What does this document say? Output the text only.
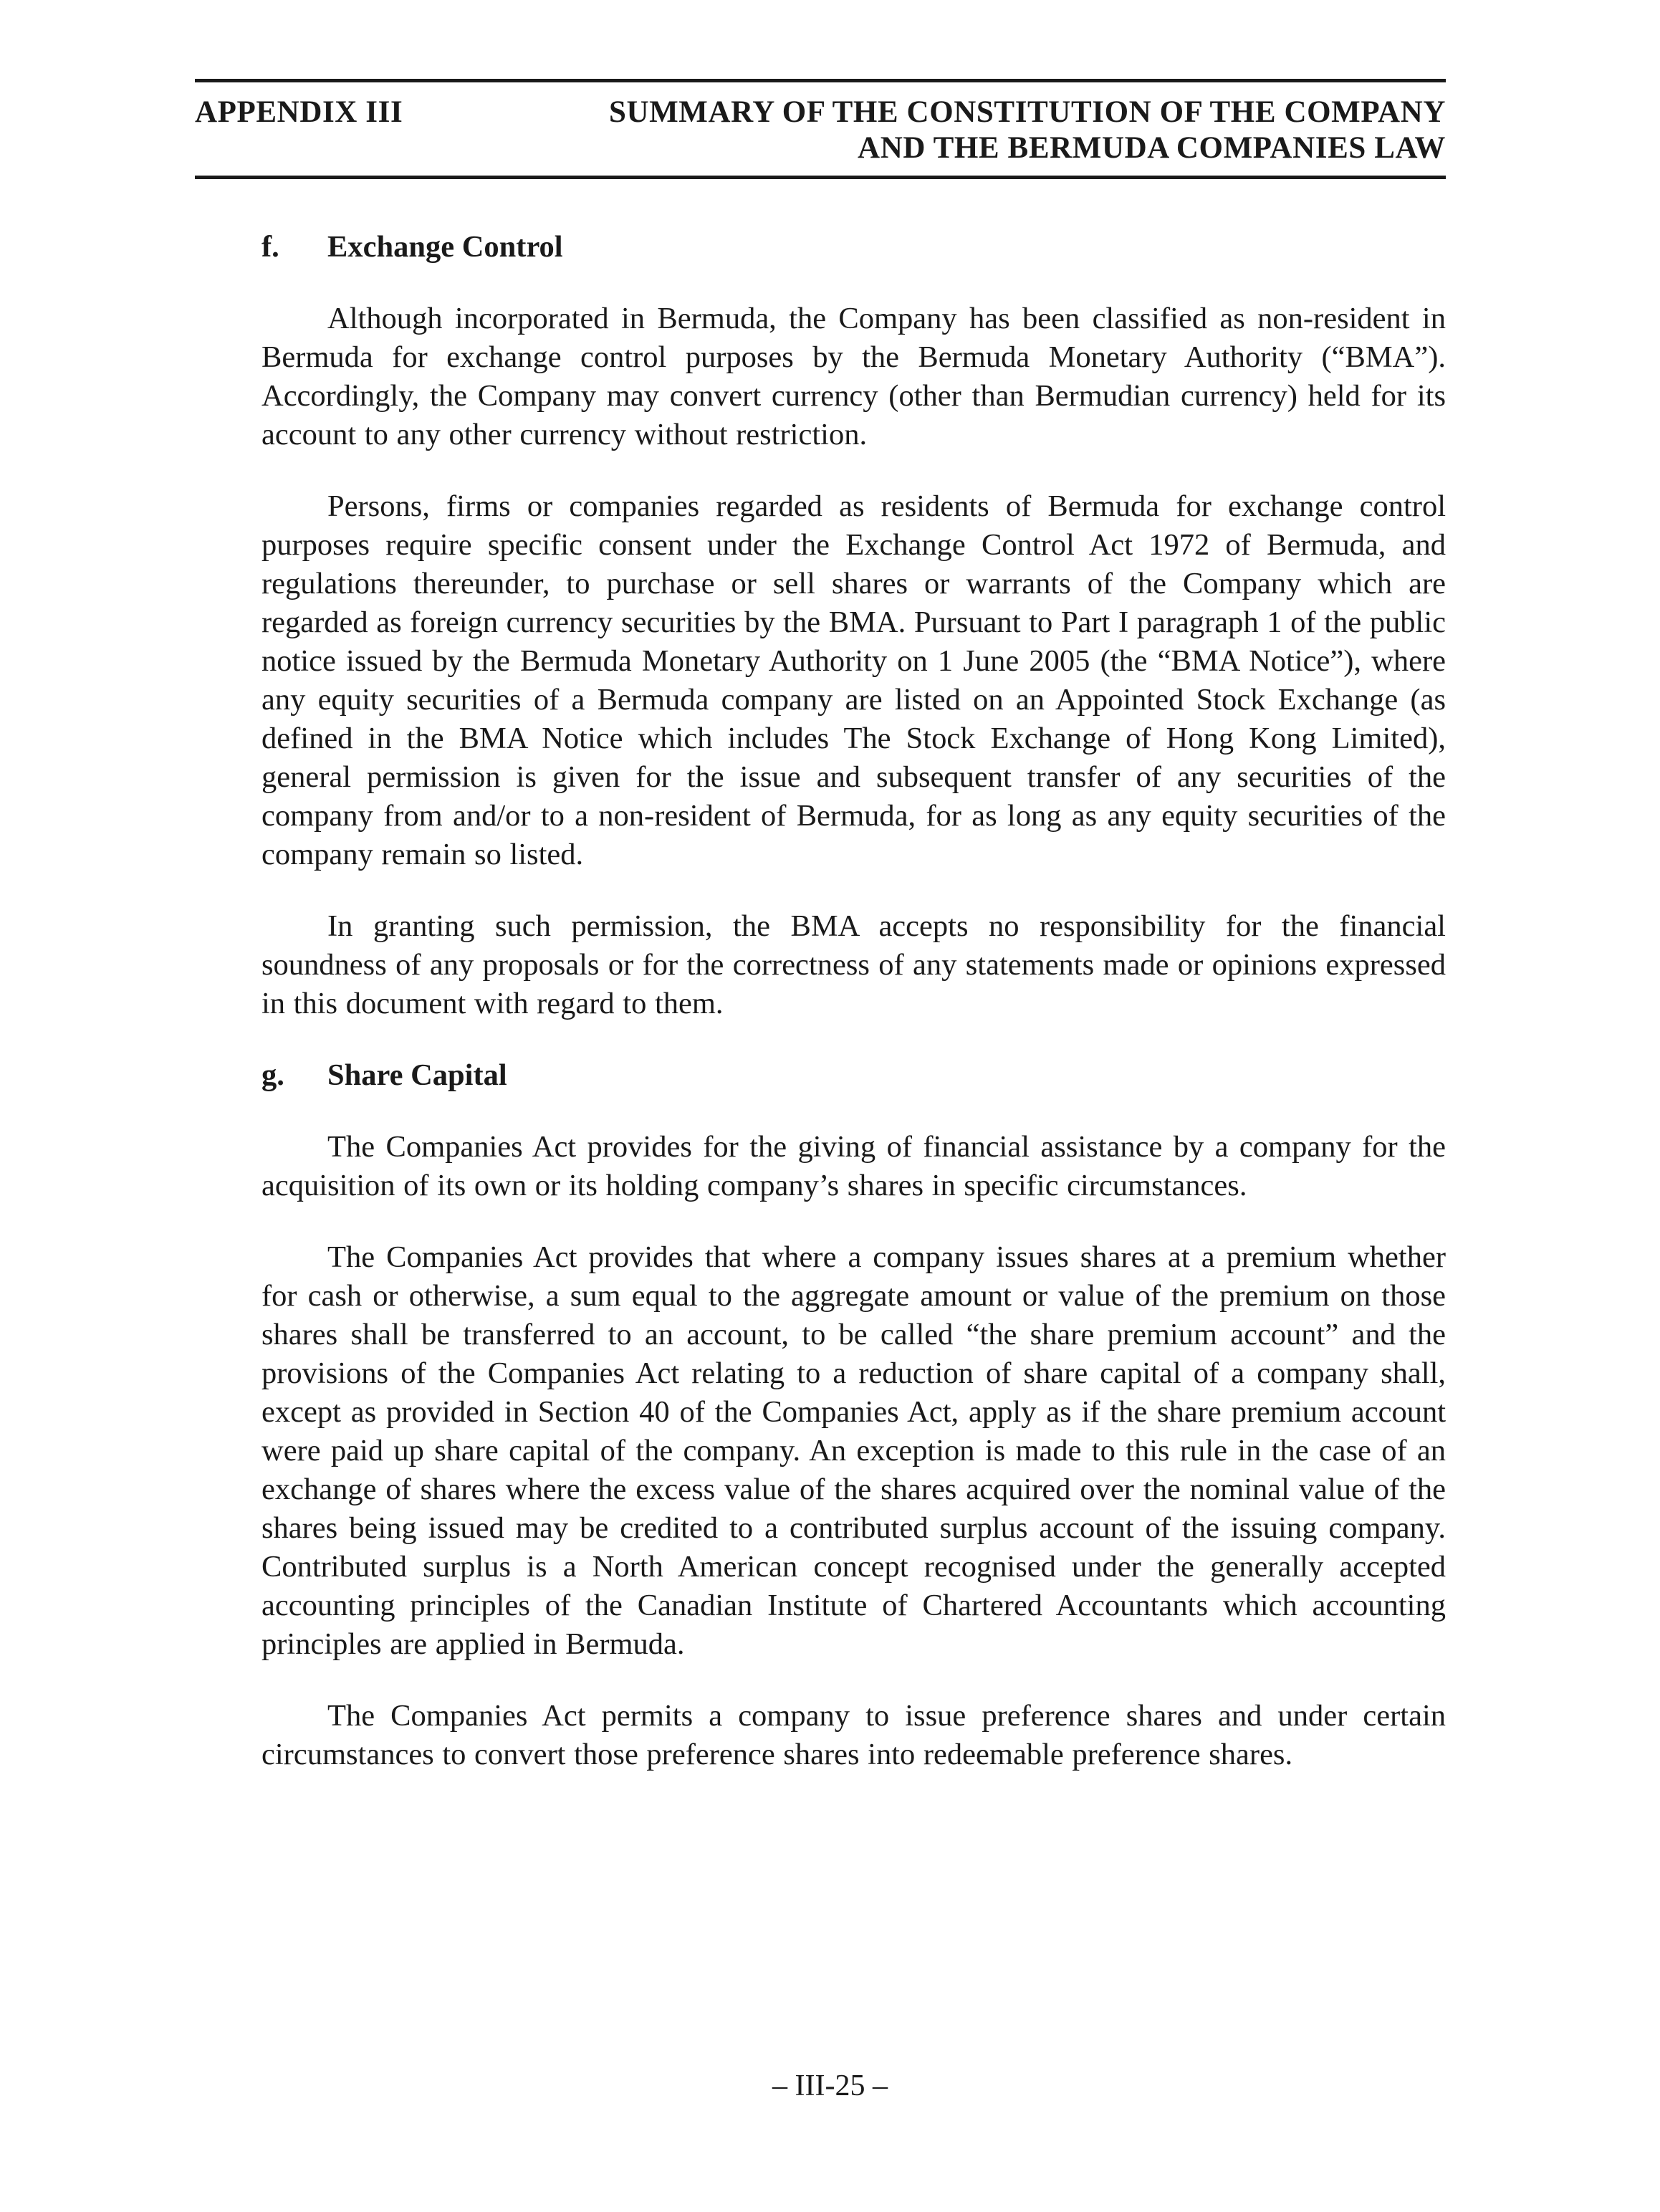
APPENDIX III	SUMMARY OF THE CONSTITUTION OF THE COMPANY
AND THE BERMUDA COMPANIES LAW
f. Exchange Control

Although incorporated in Bermuda, the Company has been classified as non-resident in Bermuda for exchange control purposes by the Bermuda Monetary Authority (“BMA”). Accordingly, the Company may convert currency (other than Bermudian currency) held for its account to any other currency without restriction.

Persons, firms or companies regarded as residents of Bermuda for exchange control purposes require specific consent under the Exchange Control Act 1972 of Bermuda, and regulations thereunder, to purchase or sell shares or warrants of the Company which are regarded as foreign currency securities by the BMA. Pursuant to Part I paragraph 1 of the public notice issued by the Bermuda Monetary Authority on 1 June 2005 (the “BMA Notice”), where any equity securities of a Bermuda company are listed on an Appointed Stock Exchange (as defined in the BMA Notice which includes The Stock Exchange of Hong Kong Limited), general permission is given for the issue and subsequent transfer of any securities of the company from and/or to a non-resident of Bermuda, for as long as any equity securities of the company remain so listed.

In granting such permission, the BMA accepts no responsibility for the financial soundness of any proposals or for the correctness of any statements made or opinions expressed in this document with regard to them.

g. Share Capital

The Companies Act provides for the giving of financial assistance by a company for the acquisition of its own or its holding company’s shares in specific circumstances.

The Companies Act provides that where a company issues shares at a premium whether for cash or otherwise, a sum equal to the aggregate amount or value of the premium on those shares shall be transferred to an account, to be called “the share premium account” and the provisions of the Companies Act relating to a reduction of share capital of a company shall, except as provided in Section 40 of the Companies Act, apply as if the share premium account were paid up share capital of the company. An exception is made to this rule in the case of an exchange of shares where the excess value of the shares acquired over the nominal value of the shares being issued may be credited to a contributed surplus account of the issuing company. Contributed surplus is a North American concept recognised under the generally accepted accounting principles of the Canadian Institute of Chartered Accountants which accounting principles are applied in Bermuda.

The Companies Act permits a company to issue preference shares and under certain circumstances to convert those preference shares into redeemable preference shares.

– III-25 –
